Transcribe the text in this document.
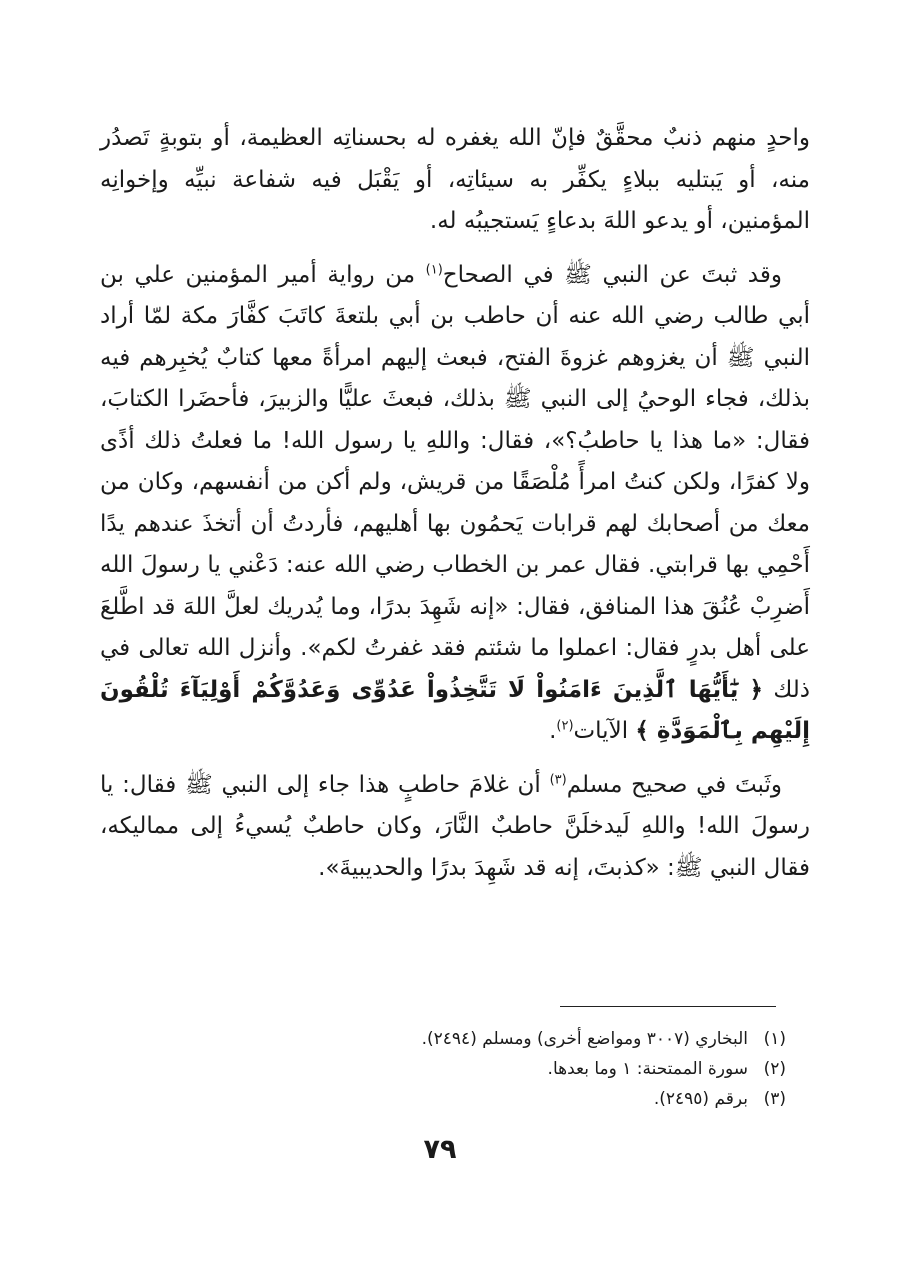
واحدٍ منهم ذنبٌ محقَّقٌ فإنّ الله يغفره له بحسناتِه العظيمة، أو بتوبةٍ تَصدُر منه، أو يَبتليه ببلاءٍ يكفِّر به سيئاتِه، أو يَقْبَل فيه شفاعة نبيِّه وإخوانِه المؤمنين، أو يدعو اللهَ بدعاءٍ يَستجيبُه له.

وقد ثبتَ عن النبي ﷺ في الصحاح$^{(١)}$ من رواية أمير المؤمنين علي بن أبي طالب رضي الله عنه أن حاطب بن أبي بلتعةَ كاتَبَ كفَّارَ مكة لمّا أراد النبي ﷺ أن يغزوهم غزوةَ الفتح، فبعث إليهم امرأةً معها كتابٌ يُخبِرهم فيه بذلك، فجاء الوحيُ إلى النبي ﷺ بذلك، فبعثَ عليًّا والزبيرَ، فأحضَرا الكتابَ، فقال: «ما هذا يا حاطبُ؟»، فقال: واللهِ يا رسول الله! ما فعلتُ ذلك أذًى ولا كفرًا، ولكن كنتُ امرأً مُلْصَقًا من قريش، ولم أكن من أنفسهم، وكان من معك من أصحابك لهم قرابات يَحمُون بها أهليهم، فأردتُ أن أتخذَ عندهم يدًا أَحْمِي بها قرابتي. فقال عمر بن الخطاب رضي الله عنه: دَعْني يا رسولَ الله أَضرِبْ عُنُقَ هذا المنافق، فقال: «إنه شَهِدَ بدرًا، وما يُدريك لعلَّ اللهَ قد اطَّلعَ على أهل بدرٍ فقال: اعملوا ما شئتم فقد غفرتُ لكم». وأنزل الله تعالى في ذلك ﴿ يَٰٓأَيُّهَا ٱلَّذِينَ ءَامَنُواْ لَا تَتَّخِذُواْ عَدُوِّى وَعَدُوَّكُمْ أَوْلِيَآءَ تُلْقُونَ إِلَيْهِم بِٱلْمَوَدَّةِ ﴾ الآيات$^{(٢)}$.

وثَبتَ في صحيح مسلم$^{(٣)}$ أن غلامَ حاطبٍ هذا جاء إلى النبي ﷺ فقال: يا رسولَ الله! واللهِ لَيدخلَنَّ حاطبٌ النَّارَ، وكان حاطبٌ يُسيءُ إلى مماليكه، فقال النبي ﷺ: «كذبتَ، إنه قد شَهِدَ بدرًا والحديبيةَ».

(١)البخاري (٣٠٠٧ ومواضع أخرى) ومسلم (٢٤٩٤).
(٢)سورة الممتحنة: ١ وما بعدها.
(٣)برقم (٢٤٩٥).
٧٩
